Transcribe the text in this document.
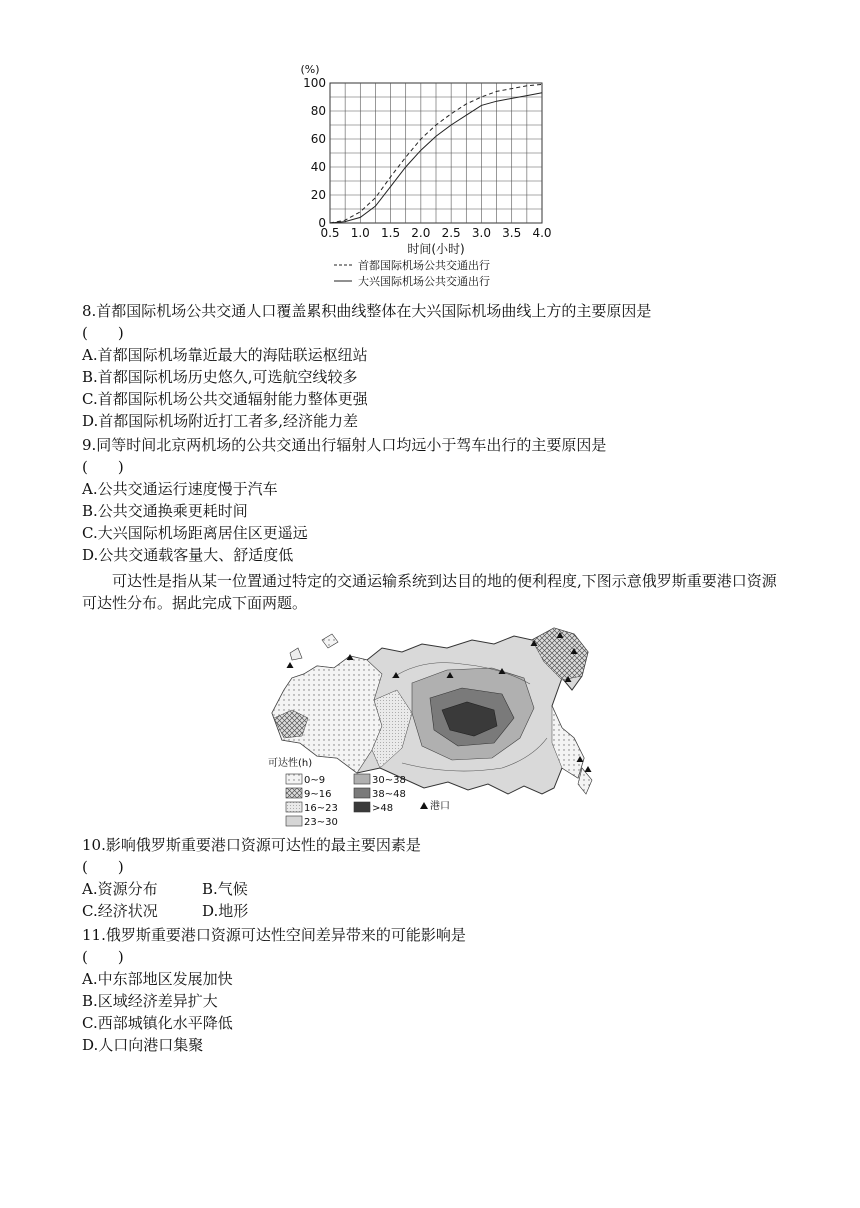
0.5 1.0 1.5 2.0 2.5 3.0 3.5 4.0
0
20
40
60
80
100
(%)
时间(小时)
首都国际机场公共交通出行
大兴国际机场公共交通出行
8.首都国际机场公共交通人口覆盖累积曲线整体在大兴国际机场曲线上方的主要原因是
(　　)
A.首都国际机场靠近最大的海陆联运枢纽站
B.首都国际机场历史悠久,可选航空线较多
C.首都国际机场公共交通辐射能力整体更强
D.首都国际机场附近打工者多,经济能力差
9.同等时间北京两机场的公共交通出行辐射人口均远小于驾车出行的主要原因是
(　　)
A.公共交通运行速度慢于汽车
B.公共交通换乘更耗时间
C.大兴国际机场距离居住区更遥远
D.公共交通载客量大、舒适度低
可达性是指从某一位置通过特定的交通运输系统到达目的地的便利程度,下图示意俄罗斯重要港口资源可达性分布。据此完成下面两题。
可达性(h)
0~9
9~16
16~23
23~30
30~38
38~48
>48	港口
10.影响俄罗斯重要港口资源可达性的最主要因素是
(　　)
A.资源分布	B.气候
C.经济状况	D.地形
11.俄罗斯重要港口资源可达性空间差异带来的可能影响是
(　　)
A.中东部地区发展加快
B.区域经济差异扩大
C.西部城镇化水平降低
D.人口向港口集聚
